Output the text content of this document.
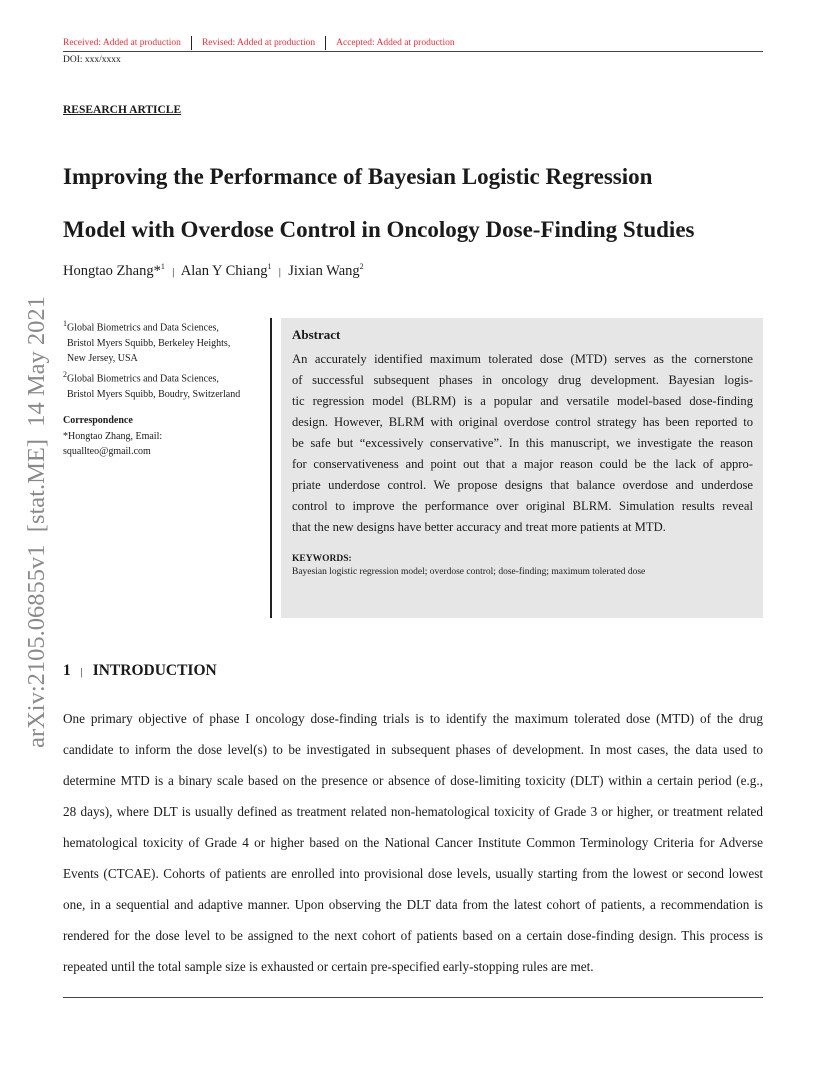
Received: Added at production Revised: Added at production Accepted: Added at production
DOI: xxx/xxxx
RESEARCH ARTICLE
Improving the Performance of Bayesian Logistic Regression
Model with Overdose Control in Oncology Dose-Finding Studies
Hongtao Zhang*$^1$ | Alan Y Chiang$^1$ | Jixian Wang$^2$
$^1$Global Biometrics and Data Sciences,
Bristol Myers Squibb, Berkeley Heights,
New Jersey, USA
$^2$Global Biometrics and Data Sciences,
Bristol Myers Squibb, Boudry, Switzerland
Correspondence
*Hongtao Zhang, Email:
squallteo@gmail.com
Abstract
An accurately identified maximum tolerated dose (MTD) serves as the cornerstone
of successful subsequent phases in oncology drug development. Bayesian logis-
tic regression model (BLRM) is a popular and versatile model-based dose-finding
design. However, BLRM with original overdose control strategy has been reported to
be safe but “excessively conservative”. In this manuscript, we investigate the reason
for conservativeness and point out that a major reason could be the lack of appro-
priate underdose control. We propose designs that balance overdose and underdose
control to improve the performance over original BLRM. Simulation results reveal
that the new designs have better accuracy and treat more patients at MTD.
KEYWORDS:
Bayesian logistic regression model; overdose control; dose-finding; maximum tolerated dose
1 | INTRODUCTION
One primary objective of phase I oncology dose-finding trials is to identify the maximum tolerated dose (MTD) of the drug
candidate to inform the dose level(s) to be investigated in subsequent phases of development. In most cases, the data used to
determine MTD is a binary scale based on the presence or absence of dose-limiting toxicity (DLT) within a certain period (e.g.,
28 days), where DLT is usually defined as treatment related non-hematological toxicity of Grade 3 or higher, or treatment related
hematological toxicity of Grade 4 or higher based on the National Cancer Institute Common Terminology Criteria for Adverse
Events (CTCAE). Cohorts of patients are enrolled into provisional dose levels, usually starting from the lowest or second lowest
one, in a sequential and adaptive manner. Upon observing the DLT data from the latest cohort of patients, a recommendation is
rendered for the dose level to be assigned to the next cohort of patients based on a certain dose-finding design. This process is
repeated until the total sample size is exhausted or certain pre-specified early-stopping rules are met.
arXiv:2105.06855v1  [stat.ME]  14 May 2021
